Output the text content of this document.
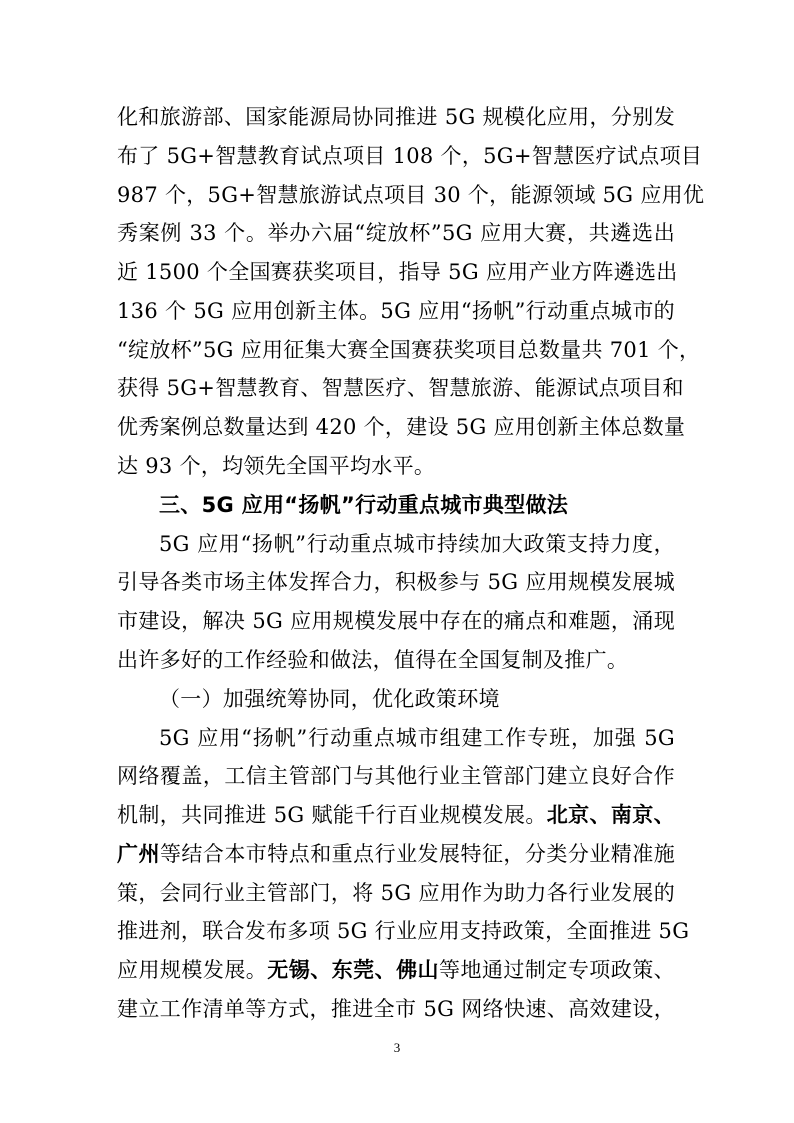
化和旅游部、国家能源局协同推进 5G 规模化应用，分别发
布了 5G+智慧教育试点项目 108 个，5G+智慧医疗试点项目
987 个，5G+智慧旅游试点项目 30 个，能源领域 5G 应用优
秀案例 33 个。举办六届“绽放杯”5G 应用大赛，共遴选出
近 1500 个全国赛获奖项目，指导 5G 应用产业方阵遴选出
136 个 5G 应用创新主体。5G 应用“扬帆”行动重点城市的
“绽放杯”5G 应用征集大赛全国赛获奖项目总数量共 701 个，
获得 5G+智慧教育、智慧医疗、智慧旅游、能源试点项目和
优秀案例总数量达到 420 个，建设 5G 应用创新主体总数量
达 93 个，均领先全国平均水平。
三、5G 应用“扬帆”行动重点城市典型做法
5G 应用“扬帆”行动重点城市持续加大政策支持力度，
引导各类市场主体发挥合力，积极参与 5G 应用规模发展城
市建设，解决 5G 应用规模发展中存在的痛点和难题，涌现
出许多好的工作经验和做法，值得在全国复制及推广。
（一）加强统筹协同，优化政策环境
5G 应用“扬帆”行动重点城市组建工作专班，加强 5G
网络覆盖，工信主管部门与其他行业主管部门建立良好合作
机制，共同推进 5G 赋能千行百业规模发展。北京、南京、
广州等结合本市特点和重点行业发展特征，分类分业精准施
策，会同行业主管部门，将 5G 应用作为助力各行业发展的
推进剂，联合发布多项 5G 行业应用支持政策，全面推进 5G
应用规模发展。无锡、东莞、佛山等地通过制定专项政策、
建立工作清单等方式，推进全市 5G 网络快速、高效建设，
3
